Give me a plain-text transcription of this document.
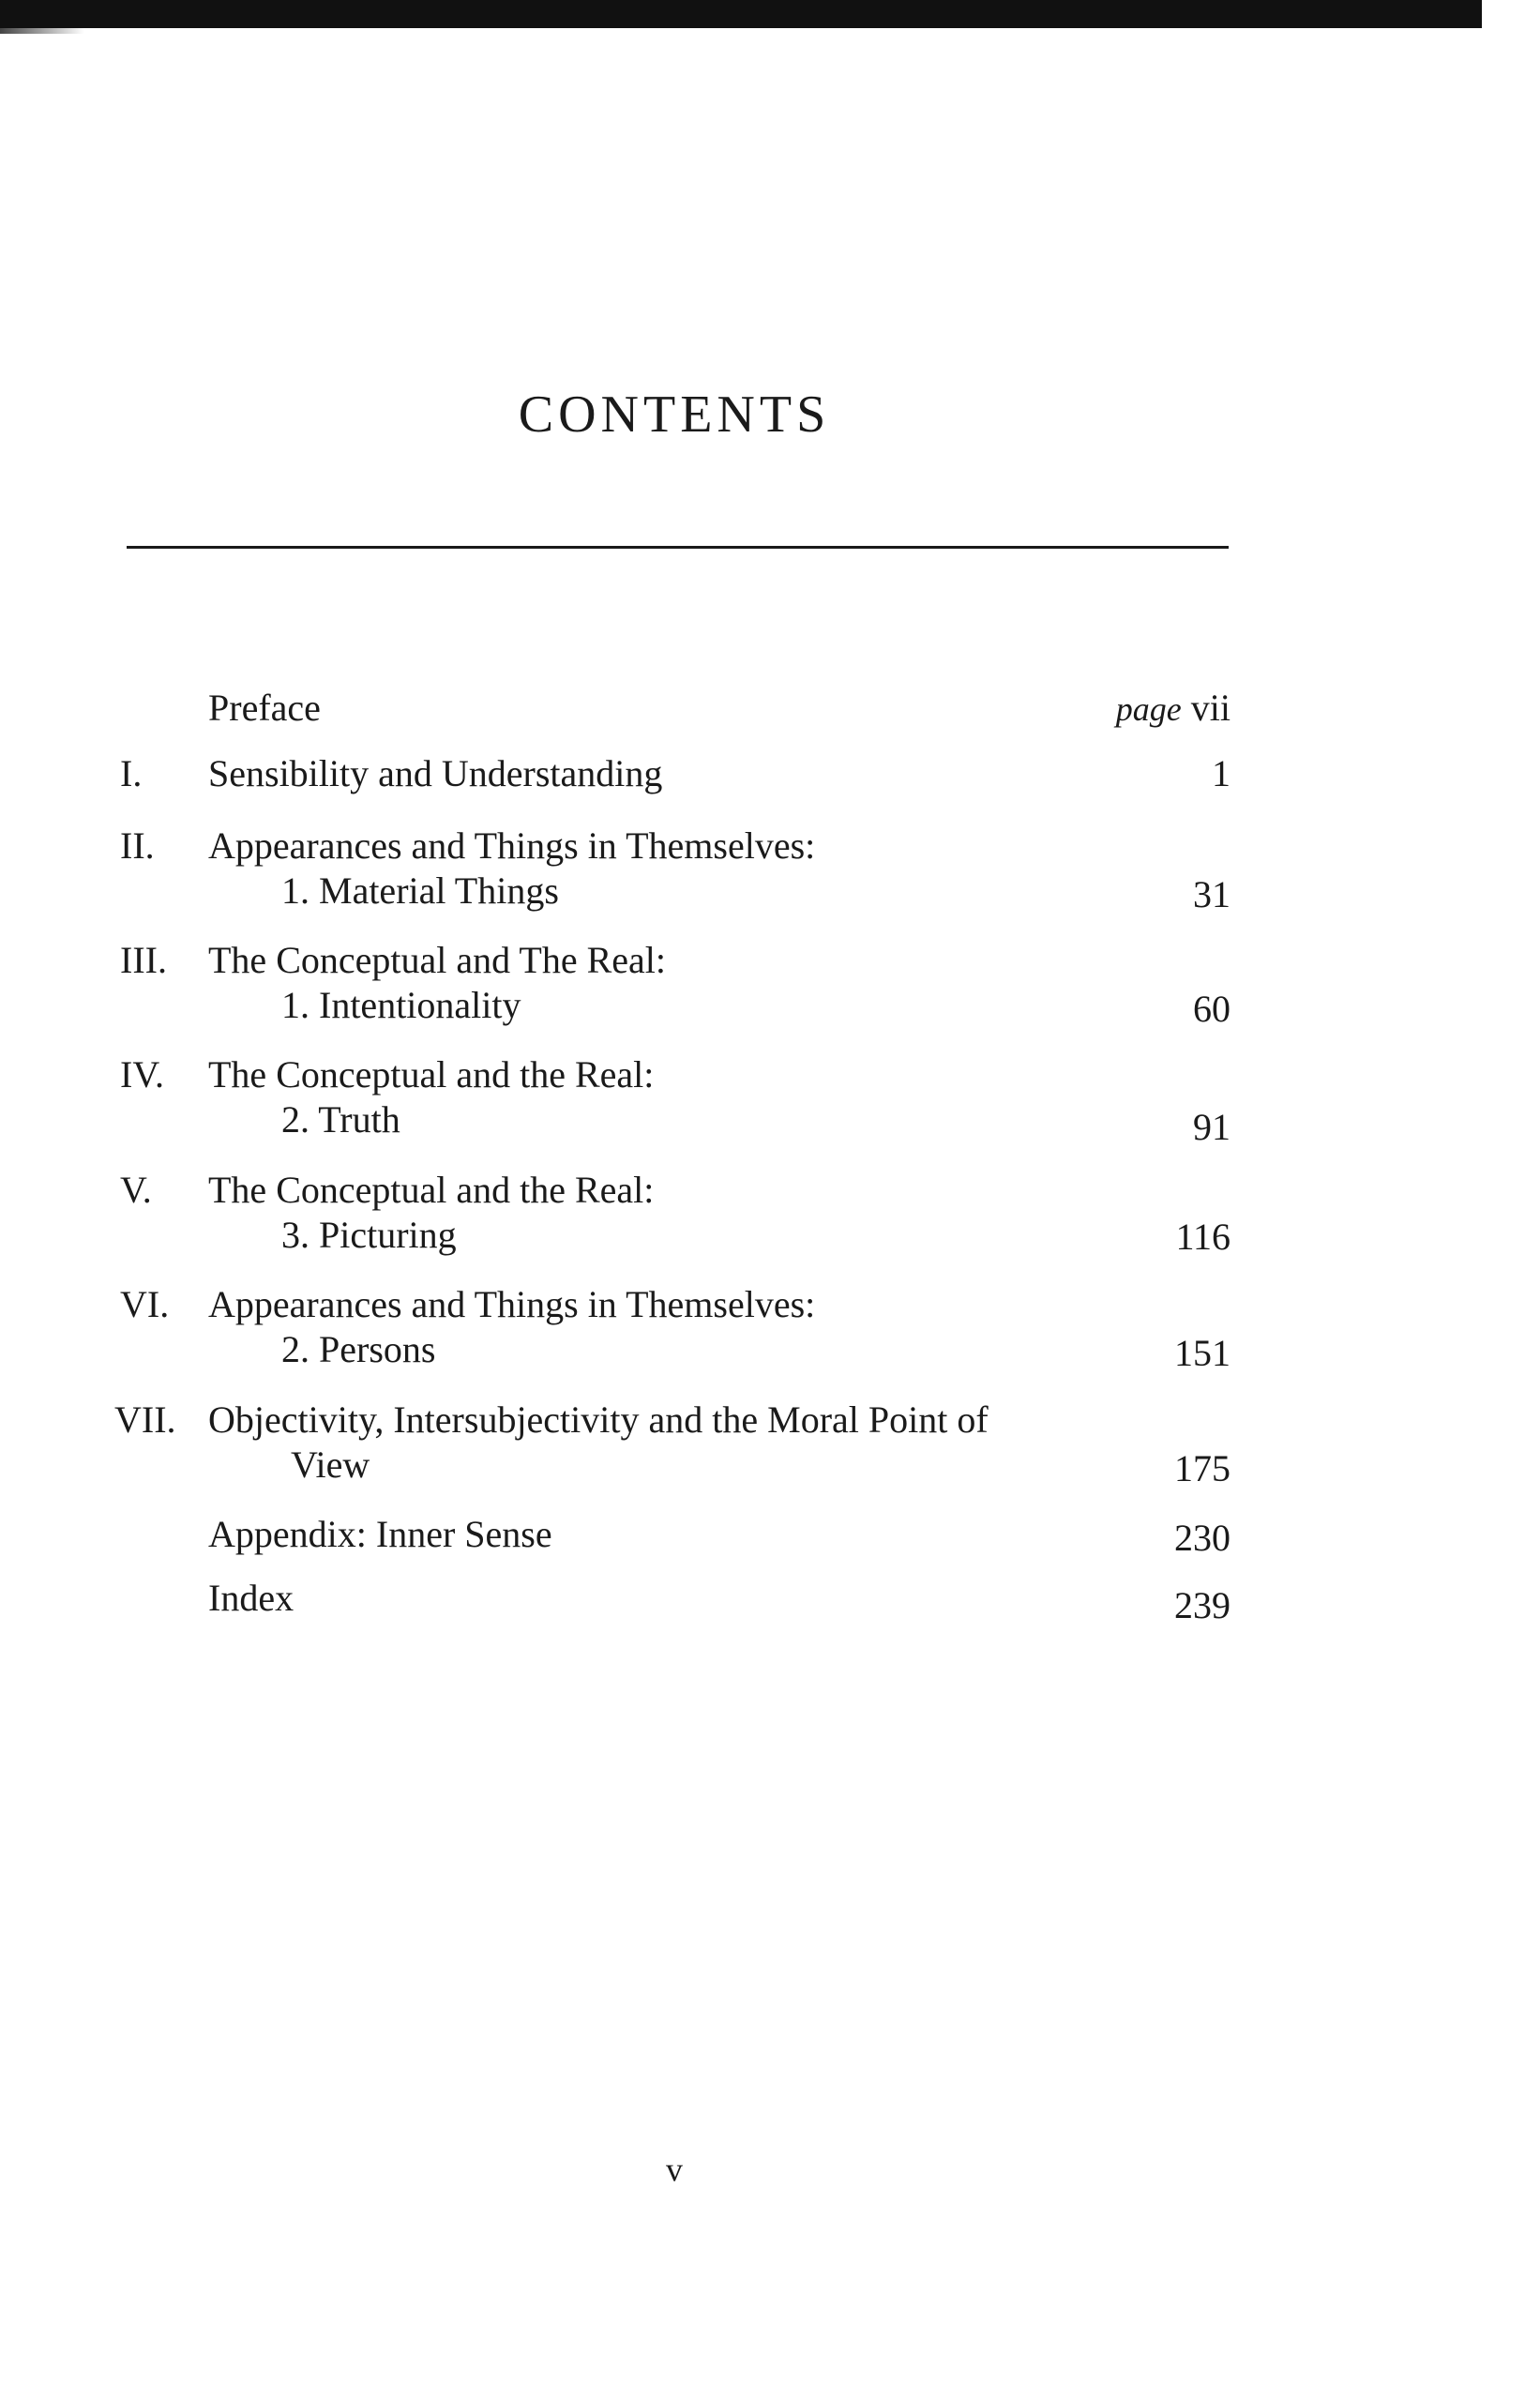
CONTENTS
Preface	page vii
I. Sensibility and Understanding	1
II. Appearances and Things in Themselves:
1. Material Things	31
III. The Conceptual and The Real:
1. Intentionality	60
IV. The Conceptual and the Real:
2. Truth	91
V. The Conceptual and the Real:
3. Picturing	116
VI. Appearances and Things in Themselves:
2. Persons	151
VII. Objectivity, Intersubjectivity and the Moral Point of
View	175
Appendix: Inner Sense	230
Index	239
v
